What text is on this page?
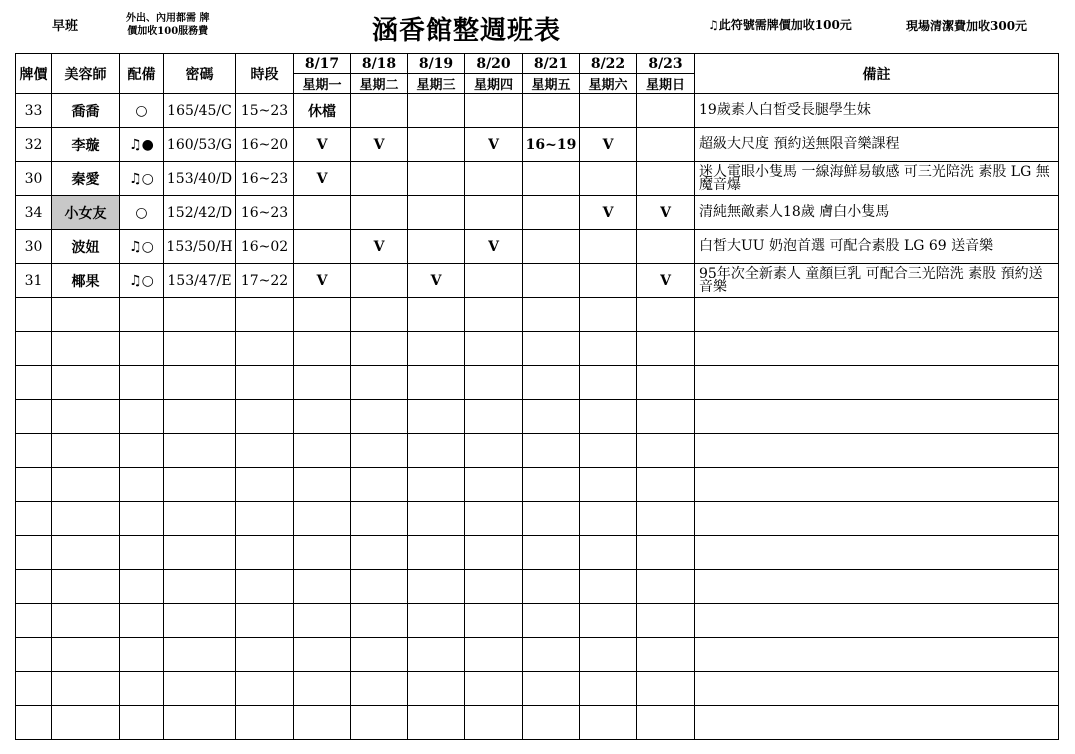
早班
外出、內用都需 牌
價加收100服務費	涵香館整週班表	♫此符號需牌價加收100元	現場清潔費加收300元
牌價	美容師	配備	密碼	時段	8/17	8/18	8/19	8/20	8/21	8/22	8/23	備註
					星期一	星期二	星期三	星期四	星期五	星期六	星期日	
33	喬喬	○	165/45/C	15~23	休檔							19歲素人白皙受長腿學生妹
32	李璇	♫●	160/53/G	16~20	V	V		V	16~19	V		超級大尺度 預約送無限音樂課程
30	秦愛	♫○	153/40/D	16~23	V							迷人電眼小隻馬 一線海鮮易敏感 可三光陪洗 素股 LG 無魔音爆
34	小女友	○	152/42/D	16~23						V	V	清純無敵素人18歲 膚白小隻馬
30	波妞	♫○	153/50/H	16~02		V		V				白皙大UU 奶泡首選 可配合素股 LG 69 送音樂
31	椰果	♫○	153/47/E	17~22	V		V				V	95年次全新素人 童顏巨乳 可配合三光陪洗 素股 預約送音樂
